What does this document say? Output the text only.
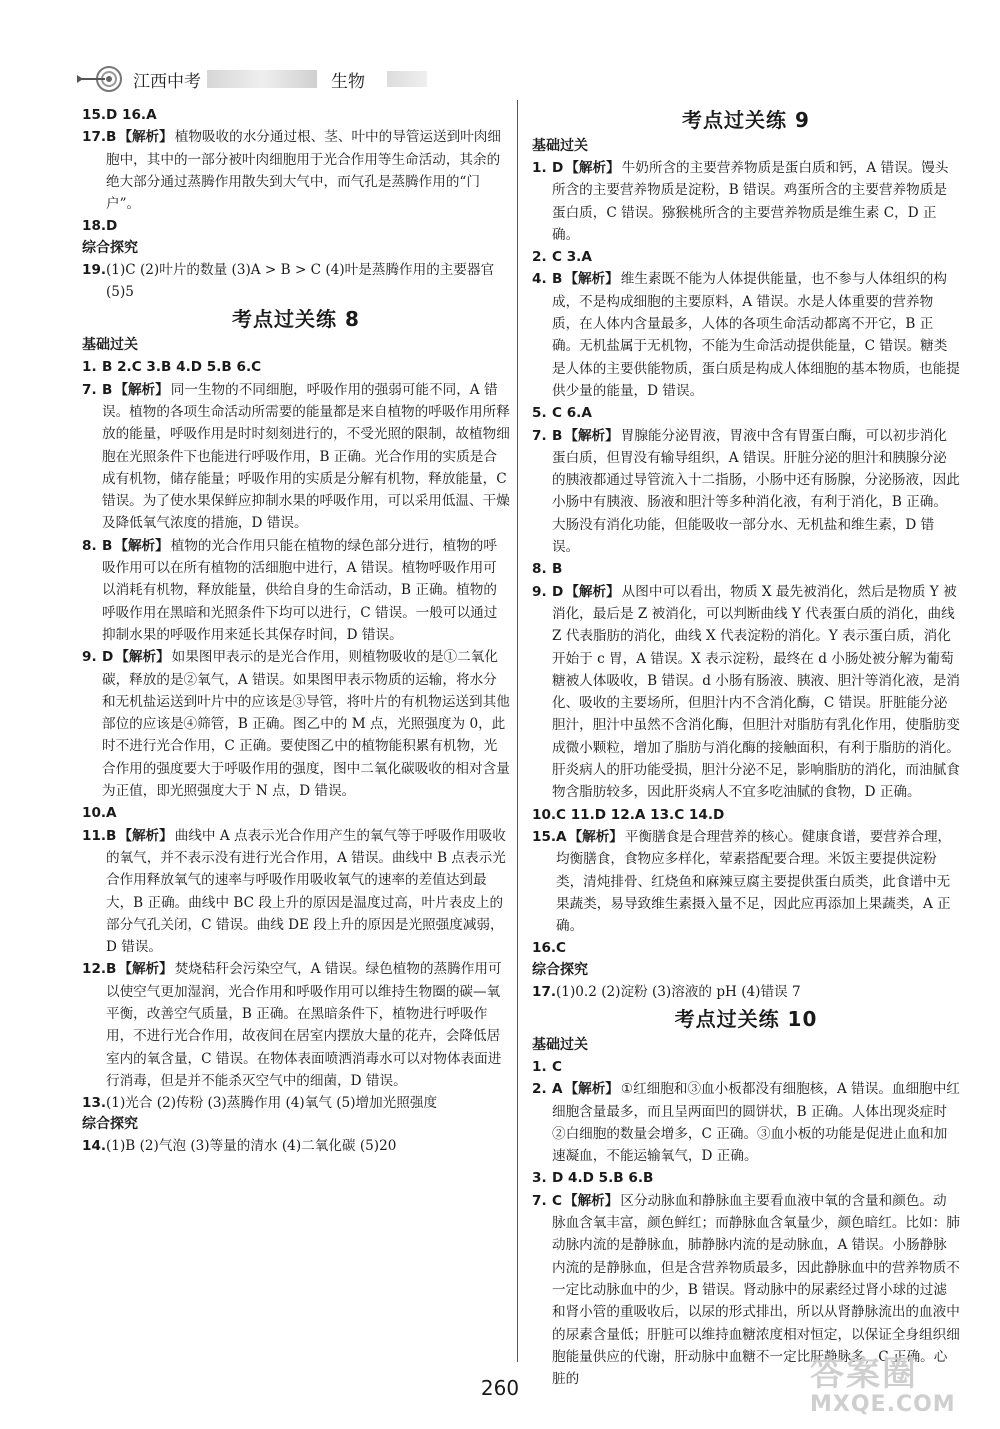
江西中考	生物

15. D 16.A

17. B 【解析】 植物吸收的水分通过根、茎、叶中的导管运送到叶肉细胞中，其中的一部分被叶肉细胞用于光合作用等生命活动，其余的绝大部分通过蒸腾作用散失到大气中，而气孔是蒸腾作用的“门户”。

18. D

综合探究

19. (1)C (2)叶片的数量 (3)A > B > C (4)叶是蒸腾作用的主要器官 (5)5

考点过关练 8
基础过关

1. B 2.C 3.B 4.D 5.B 6.C

7. B 【解析】 同一生物的不同细胞，呼吸作用的强弱可能不同，A 错误。植物的各项生命活动所需要的能量都是来自植物的呼吸作用所释放的能量，呼吸作用是时时刻刻进行的，不受光照的限制，故植物细胞在光照条件下也能进行呼吸作用，B 正确。光合作用的实质是合成有机物，储存能量；呼吸作用的实质是分解有机物，释放能量，C 错误。为了使水果保鲜应抑制水果的呼吸作用，可以采用低温、干燥及降低氧气浓度的措施，D 错误。

8. B 【解析】 植物的光合作用只能在植物的绿色部分进行，植物的呼吸作用可以在所有植物的活细胞中进行，A 错误。植物呼吸作用可以消耗有机物，释放能量，供给自身的生命活动，B 正确。植物的呼吸作用在黑暗和光照条件下均可以进行，C 错误。一般可以通过抑制水果的呼吸作用来延长其保存时间，D 错误。

9. D 【解析】 如果图甲表示的是光合作用，则植物吸收的是①二氧化碳，释放的是②氧气，A 错误。如果图甲表示物质的运输，将水分和无机盐运送到叶片中的应该是③导管，将叶片的有机物运送到其他部位的应该是④筛管，B 正确。图乙中的 M 点，光照强度为 0，此时不进行光合作用，C 正确。要使图乙中的植物能积累有机物，光合作用的强度要大于呼吸作用的强度，图中二氧化碳吸收的相对含量为正值，即光照强度大于 N 点，D 错误。

10. A

11. B 【解析】 曲线中 A 点表示光合作用产生的氧气等于呼吸作用吸收的氧气，并不表示没有进行光合作用，A 错误。曲线中 B 点表示光合作用释放氧气的速率与呼吸作用吸收氧气的速率的差值达到最大，B 正确。曲线中 BC 段上升的原因是温度过高，叶片表皮上的部分气孔关闭，C 错误。曲线 DE 段上升的原因是光照强度减弱，D 错误。

12. B 【解析】 焚烧秸秆会污染空气，A 错误。绿色植物的蒸腾作用可以使空气更加湿润，光合作用和呼吸作用可以维持生物圈的碳—氧平衡，改善空气质量，B 正确。在黑暗条件下，植物进行呼吸作用，不进行光合作用，故夜间在居室内摆放大量的花卉，会降低居室内的氧含量，C 错误。在物体表面喷洒消毒水可以对物体表面进行消毒，但是并不能杀灭空气中的细菌，D 错误。

13. (1)光合 (2)传粉 (3)蒸腾作用 (4)氧气 (5)增加光照强度

综合探究

14. (1)B (2)气泡 (3)等量的清水 (4)二氧化碳 (5)20

考点过关练 9
基础过关

1. D 【解析】 牛奶所含的主要营养物质是蛋白质和钙，A 错误。馒头所含的主要营养物质是淀粉，B 错误。鸡蛋所含的主要营养物质是蛋白质，C 错误。猕猴桃所含的主要营养物质是维生素 C，D 正确。

2. C 3.A

4. B 【解析】 维生素既不能为人体提供能量，也不参与人体组织的构成，不是构成细胞的主要原料，A 错误。水是人体重要的营养物质，在人体内含量最多，人体的各项生命活动都离不开它，B 正确。无机盐属于无机物，不能为生命活动提供能量，C 错误。糖类是人体的主要供能物质，蛋白质是构成人体细胞的基本物质，也能提供少量的能量，D 错误。

5. C 6.A

7. B 【解析】 胃腺能分泌胃液，胃液中含有胃蛋白酶，可以初步消化蛋白质，但胃没有输导组织，A 错误。肝脏分泌的胆汁和胰腺分泌的胰液都通过导管流入十二指肠，小肠中还有肠腺，分泌肠液，因此小肠中有胰液、肠液和胆汁等多种消化液，有利于消化，B 正确。大肠没有消化功能，但能吸收一部分水、无机盐和维生素，D 错误。

8. B

9. D 【解析】 从图中可以看出，物质 X 最先被消化，然后是物质 Y 被消化，最后是 Z 被消化，可以判断曲线 Y 代表蛋白质的消化，曲线 Z 代表脂肪的消化，曲线 X 代表淀粉的消化。Y 表示蛋白质，消化开始于 c 胃，A 错误。X 表示淀粉，最终在 d 小肠处被分解为葡萄糖被人体吸收，B 错误。d 小肠有肠液、胰液、胆汁等消化液，是消化、吸收的主要场所，但胆汁内不含消化酶，C 错误。肝脏能分泌胆汁，胆汁中虽然不含消化酶，但胆汁对脂肪有乳化作用，使脂肪变成微小颗粒，增加了脂肪与消化酶的接触面积，有利于脂肪的消化。肝炎病人的肝功能受损，胆汁分泌不足，影响脂肪的消化，而油腻食物含脂肪较多，因此肝炎病人不宜多吃油腻的食物，D 正确。

10. C 11.D 12.A 13.C 14.D

15. A 【解析】 平衡膳食是合理营养的核心。健康食谱，要营养合理，均衡膳食，食物应多样化，荤素搭配要合理。米饭主要提供淀粉类，清炖排骨、红烧鱼和麻辣豆腐主要提供蛋白质类，此食谱中无果蔬类，易导致维生素摄入量不足，因此应再添加上果蔬类，A 正确。

16. C

综合探究

17. (1)0.2 (2)淀粉 (3)溶液的 pH (4)错误 7

考点过关练 10
基础过关

1. C

2. A 【解析】 ①红细胞和③血小板都没有细胞核，A 错误。血细胞中红细胞含量最多，而且呈两面凹的圆饼状，B 正确。人体出现炎症时②白细胞的数量会增多，C 正确。③血小板的功能是促进止血和加速凝血，不能运输氧气，D 正确。

3. D 4.D 5.B 6.B

7. C 【解析】 区分动脉血和静脉血主要看血液中氧的含量和颜色。动脉血含氧丰富，颜色鲜红；而静脉血含氧量少，颜色暗红。比如：肺动脉内流的是静脉血，肺静脉内流的是动脉血，A 错误。小肠静脉内流的是静脉血，但是含营养物质最多，因此静脉血中的营养物质不一定比动脉血中的少，B 错误。肾动脉中的尿素经过肾小球的过滤和肾小管的重吸收后，以尿的形式排出，所以从肾静脉流出的血液中的尿素含量低；肝脏可以维持血糖浓度相对恒定，以保证全身组织细胞能量供应的代谢，肝动脉中血糖不一定比肝静脉多，C 正确。心脏的

260	答案圈
MXQE.COM
